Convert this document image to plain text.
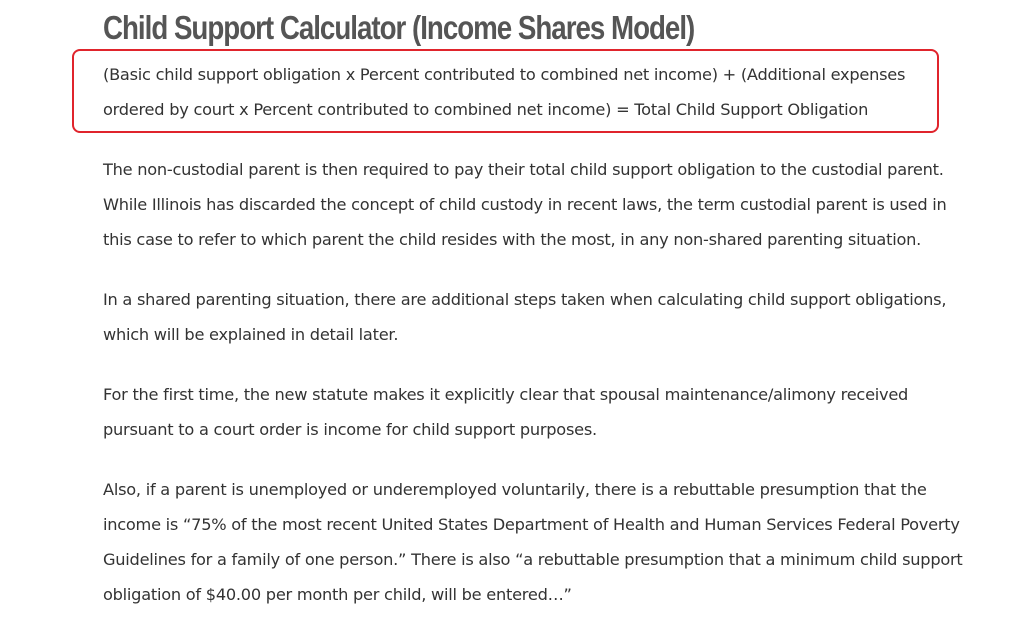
Child Support Calculator (Income Shares Model)

(Basic child support obligation x Percent contributed to combined net income) + (Additional expenses ordered by court x Percent contributed to combined net income) = Total Child Support Obligation

The non-custodial parent is then required to pay their total child support obligation to the custodial parent. While Illinois has discarded the concept of child custody in recent laws, the term custodial parent is used in this case to refer to which parent the child resides with the most, in any non-shared parenting situation.

In a shared parenting situation, there are additional steps taken when calculating child support obligations, which will be explained in detail later.

For the first time, the new statute makes it explicitly clear that spousal maintenance/alimony received pursuant to a court order is income for child support purposes.

Also, if a parent is unemployed or underemployed voluntarily, there is a rebuttable presumption that the income is “75% of the most recent United States Department of Health and Human Services Federal Poverty Guidelines for a family of one person.” There is also “a rebuttable presumption that a minimum child support obligation of $40.00 per month per child, will be entered…”
